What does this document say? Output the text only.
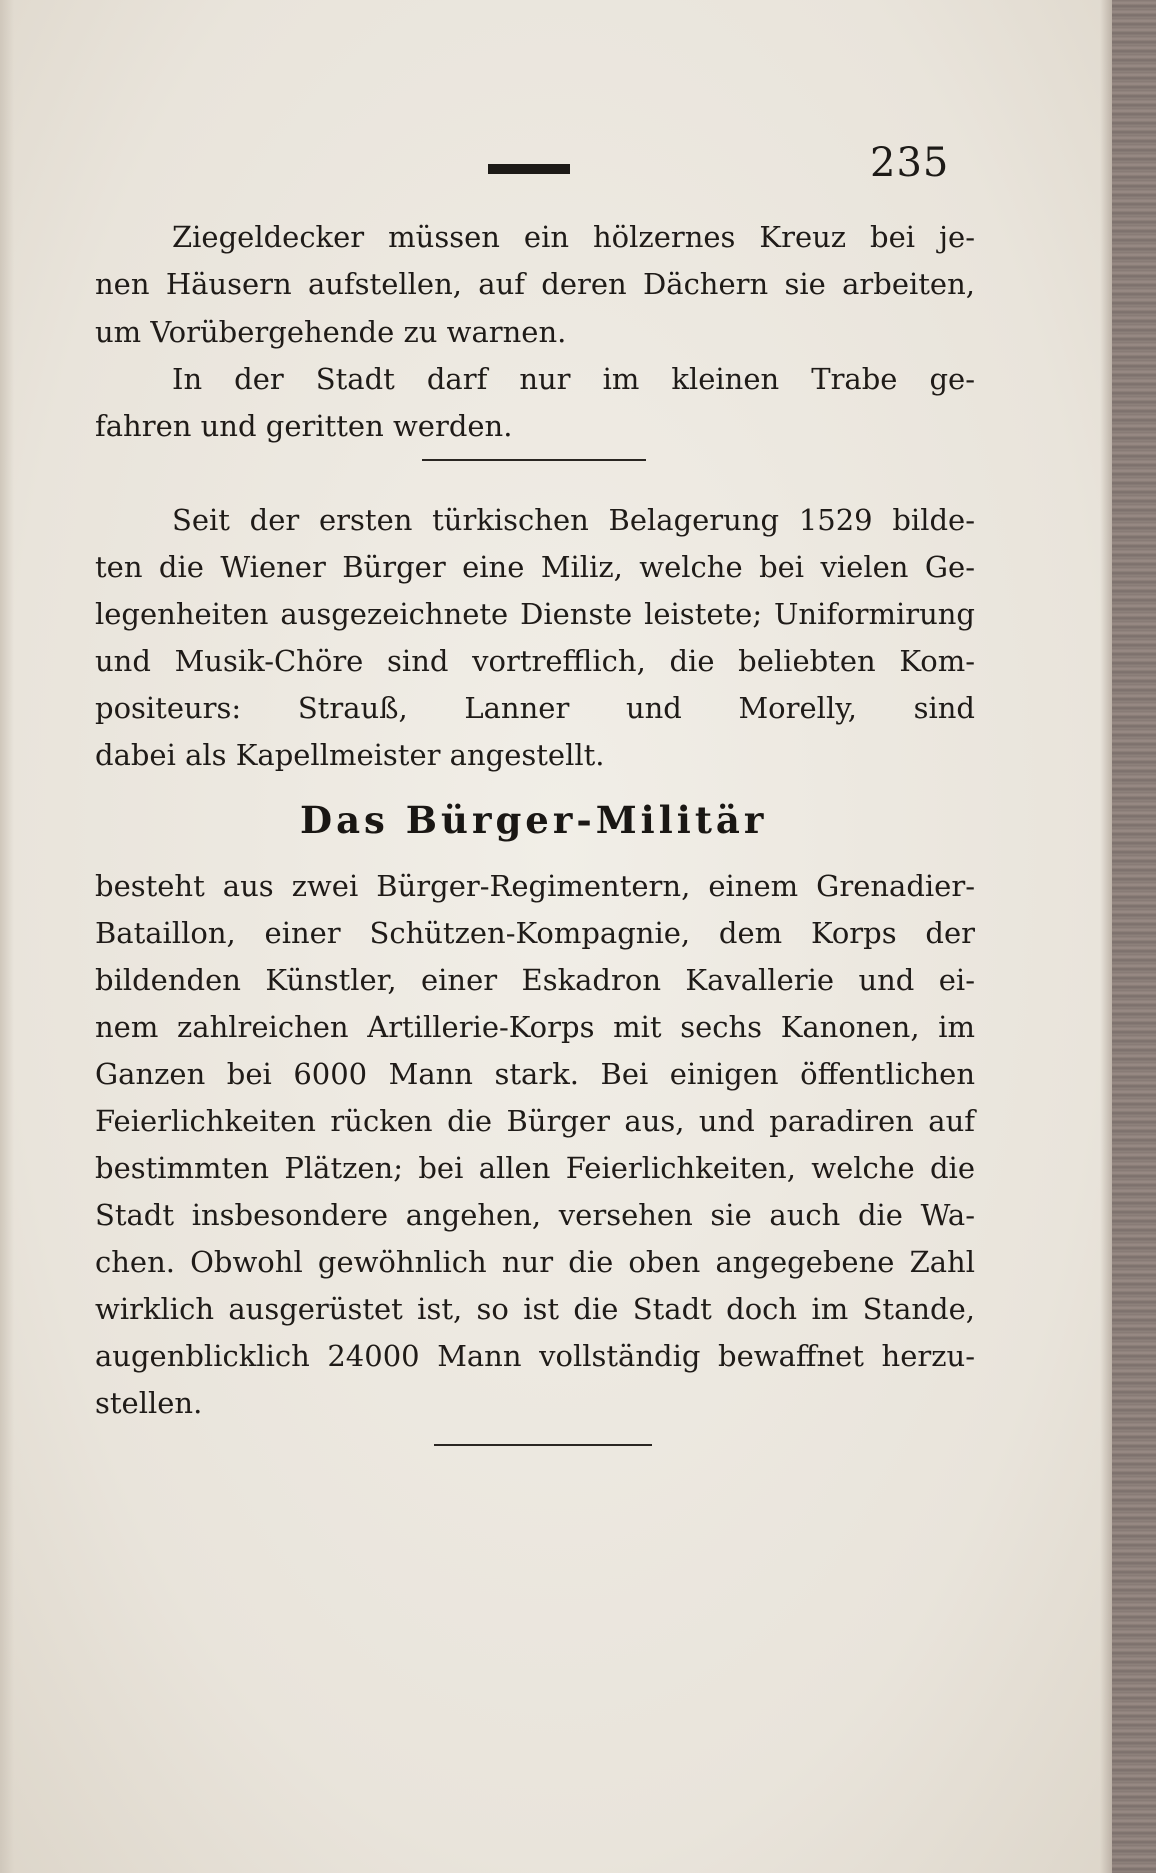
235
Ziegeldecker müssen ein hölzernes Kreuz bei je-
nen Häusern aufstellen, auf deren Dächern sie arbeiten,
um Vorübergehende zu warnen.
In der Stadt darf nur im kleinen Trabe ge-
fahren und geritten werden.
Seit der ersten türkischen Belagerung 1529 bilde-
ten die Wiener Bürger eine Miliz, welche bei vielen Ge-
legenheiten ausgezeichnete Dienste leistete; Uniformirung
und Musik-Chöre sind vortrefflich, die beliebten Kom-
positeurs: Strauß, Lanner und Morelly, sind
dabei als Kapellmeister angestellt.
Das Bürger-Militär
besteht aus zwei Bürger-Regimentern, einem Grenadier-
Bataillon, einer Schützen-Kompagnie, dem Korps der
bildenden Künstler, einer Eskadron Kavallerie und ei-
nem zahlreichen Artillerie-Korps mit sechs Kanonen, im
Ganzen bei 6000 Mann stark. Bei einigen öffentlichen
Feierlichkeiten rücken die Bürger aus, und paradiren auf
bestimmten Plätzen; bei allen Feierlichkeiten, welche die
Stadt insbesondere angehen, versehen sie auch die Wa-
chen. Obwohl gewöhnlich nur die oben angegebene Zahl
wirklich ausgerüstet ist, so ist die Stadt doch im Stande,
augenblicklich 24000 Mann vollständig bewaffnet herzu-
stellen.
